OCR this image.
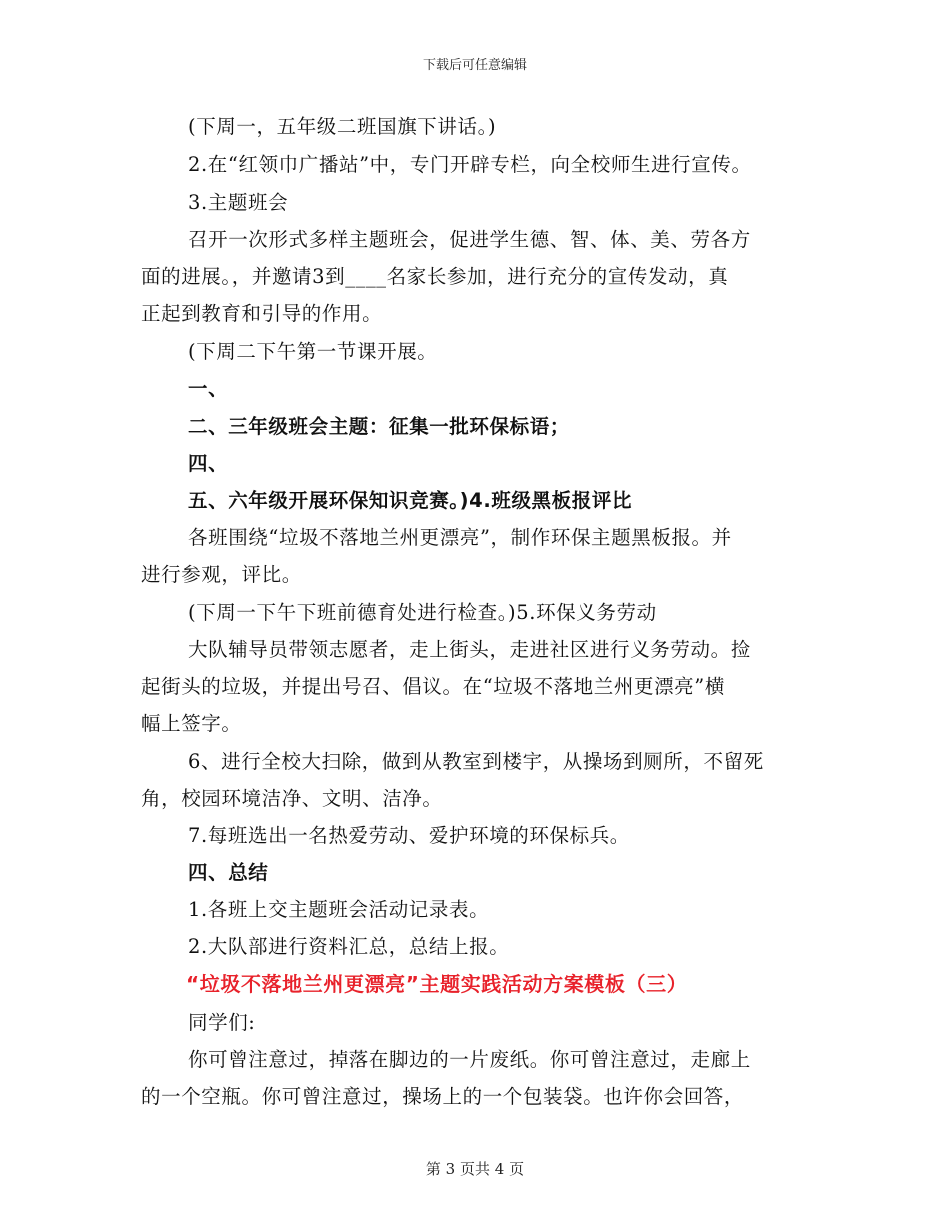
下载后可任意编辑
(下周一，五年级二班国旗下讲话。)
2.在“红领巾广播站”中，专门开辟专栏，向全校师生进行宣传。
3.主题班会
召开一次形式多样主题班会，促进学生德、智、体、美、劳各方
面的进展。，并邀请3到____名家长参加，进行充分的宣传发动，真
正起到教育和引导的作用。
(下周二下午第一节课开展。
一、
二、三年级班会主题：征集一批环保标语；
四、
五、六年级开展环保知识竞赛。)4.班级黑板报评比
各班围绕“垃圾不落地兰州更漂亮”，制作环保主题黑板报。并
进行参观，评比。
(下周一下午下班前德育处进行检查。)5.环保义务劳动
大队辅导员带领志愿者，走上街头，走进社区进行义务劳动。捡
起街头的垃圾，并提出号召、倡议。在“垃圾不落地兰州更漂亮”横
幅上签字。
6、进行全校大扫除，做到从教室到楼宇，从操场到厕所，不留死
角，校园环境洁净、文明、洁净。
7.每班选出一名热爱劳动、爱护环境的环保标兵。
四、总结
1.各班上交主题班会活动记录表。
2.大队部进行资料汇总，总结上报。
“垃圾不落地兰州更漂亮”主题实践活动方案模板（三）
同学们:
你可曾注意过，掉落在脚边的一片废纸。你可曾注意过，走廊上
的一个空瓶。你可曾注意过，操场上的一个包装袋。也许你会回答，
第 3 页共 4 页
